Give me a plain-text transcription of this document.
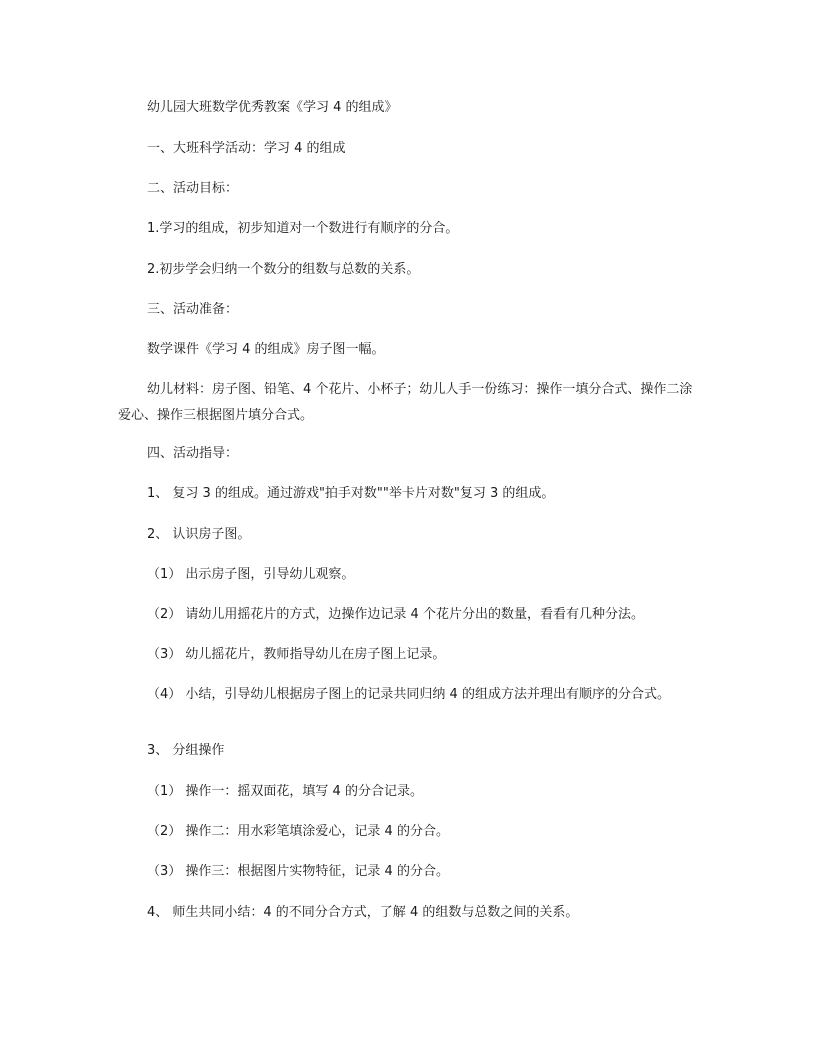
幼儿园大班数学优秀教案《学习 4 的组成》
一、大班科学活动：学习 4 的组成
二、活动目标：
1.学习的组成，初步知道对一个数进行有顺序的分合。
2.初步学会归纳一个数分的组数与总数的关系。
三、活动准备：
数学课件《学习 4 的组成》房子图一幅。
幼儿材料：房子图、铅笔、4 个花片、小杯子；幼儿人手一份练习：操作一填分合式、操作二涂爱心、操作三根据图片填分合式。
四、活动指导：
1、 复习 3 的组成。通过游戏"拍手对数""举卡片对数"复习 3 的组成。
2、 认识房子图。
（1） 出示房子图，引导幼儿观察。
（2） 请幼儿用摇花片的方式，边操作边记录 4 个花片分出的数量，看看有几种分法。
（3） 幼儿摇花片，教师指导幼儿在房子图上记录。
（4） 小结，引导幼儿根据房子图上的记录共同归纳 4 的组成方法并理出有顺序的分合式。
3、 分组操作
（1） 操作一：摇双面花，填写 4 的分合记录。
（2） 操作二：用水彩笔填涂爱心，记录 4 的分合。
（3） 操作三：根据图片实物特征，记录 4 的分合。
4、 师生共同小结：4 的不同分合方式，了解 4 的组数与总数之间的关系。
